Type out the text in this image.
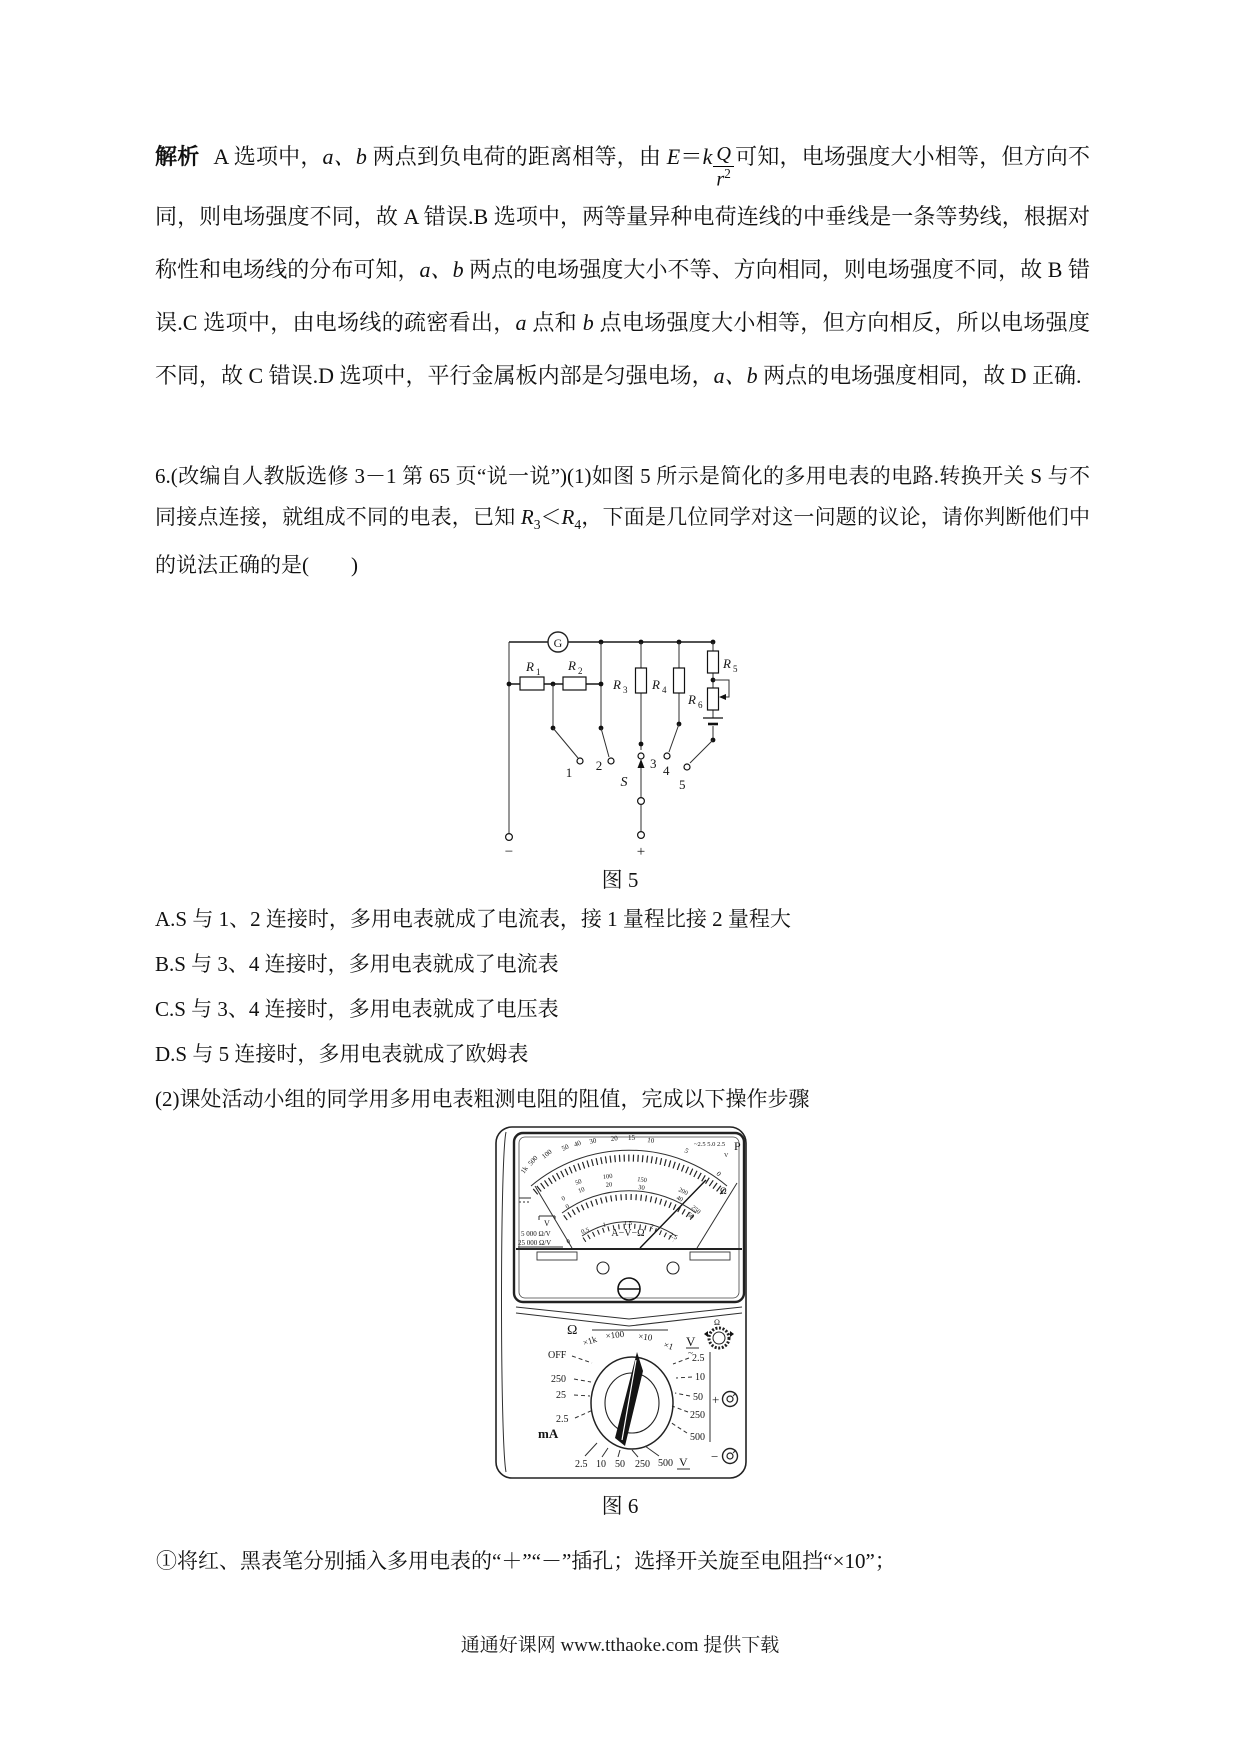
解析 A 选项中，a、b 两点到负电荷的距离相等，由 $E=k \frac{Q}{r^2}$ 可知，电场强度大小相等，但方向不同，则电场强度不同，故 A 错误.B 选项中，两等量异种电荷连线的中垂线是一条等势线，根据对称性和电场线的分布可知，a、b 两点的电场强度大小不等、方向相同，则电场强度不同，故 B 错误.C 选项中，由电场线的疏密看出，a 点和 b 点电场强度大小相等，但方向相反，所以电场强度不同，故 C 错误.D 选项中，平行金属板内部是匀强电场，a、b 两点的电场强度相同，故 D 正确.
6.(改编自人教版选修 3－1 第 65 页“说一说”)(1)如图 5 所示是简化的多用电表的电路.转换开关 S 与不同接点连接，就组成不同的电表，已知 $R_3<R_4$，下面是几位同学对这一问题的议论，请你判断他们中的说法正确的是(　　)
G
−
R 1 R 2
1 2
R 3
3
R 4
4
R 5
R 6
5
S
+
图 5
A.S 与 1、2 连接时，多用电表就成了电流表，接 1 量程比接 2 量程大
B.S 与 3、4 连接时，多用电表就成了电流表
C.S 与 3、4 连接时，多用电表就成了电压表
D.S 与 5 连接时，多用电表就成了欧姆表
(2)课处活动小组的同学用多用电表粗测电阻的阻值，完成以下操作步骤
1k
500 100
50 40 30 20 15 10
5
0
Ω
~2.5 5.0 2.5 P
V
0
0
50
10
100
20
150
30	200
40
250
50
0
0.5
1	1.5	2
2.5
A−V−Ω
V
5 000 Ω/V
25 000 Ω/V
Ω
×1k ×100 ×10
×1 V
~
Ω
OFF
250
25
2.5
mA
2.5
10
50
250
500
+
−
2.5 10 50 250 500 V
图 6
①将红、黑表笔分别插入多用电表的“＋”“－”插孔；选择开关旋至电阻挡“×10”；
通通好课网 www.tthaoke.com 提供下载
